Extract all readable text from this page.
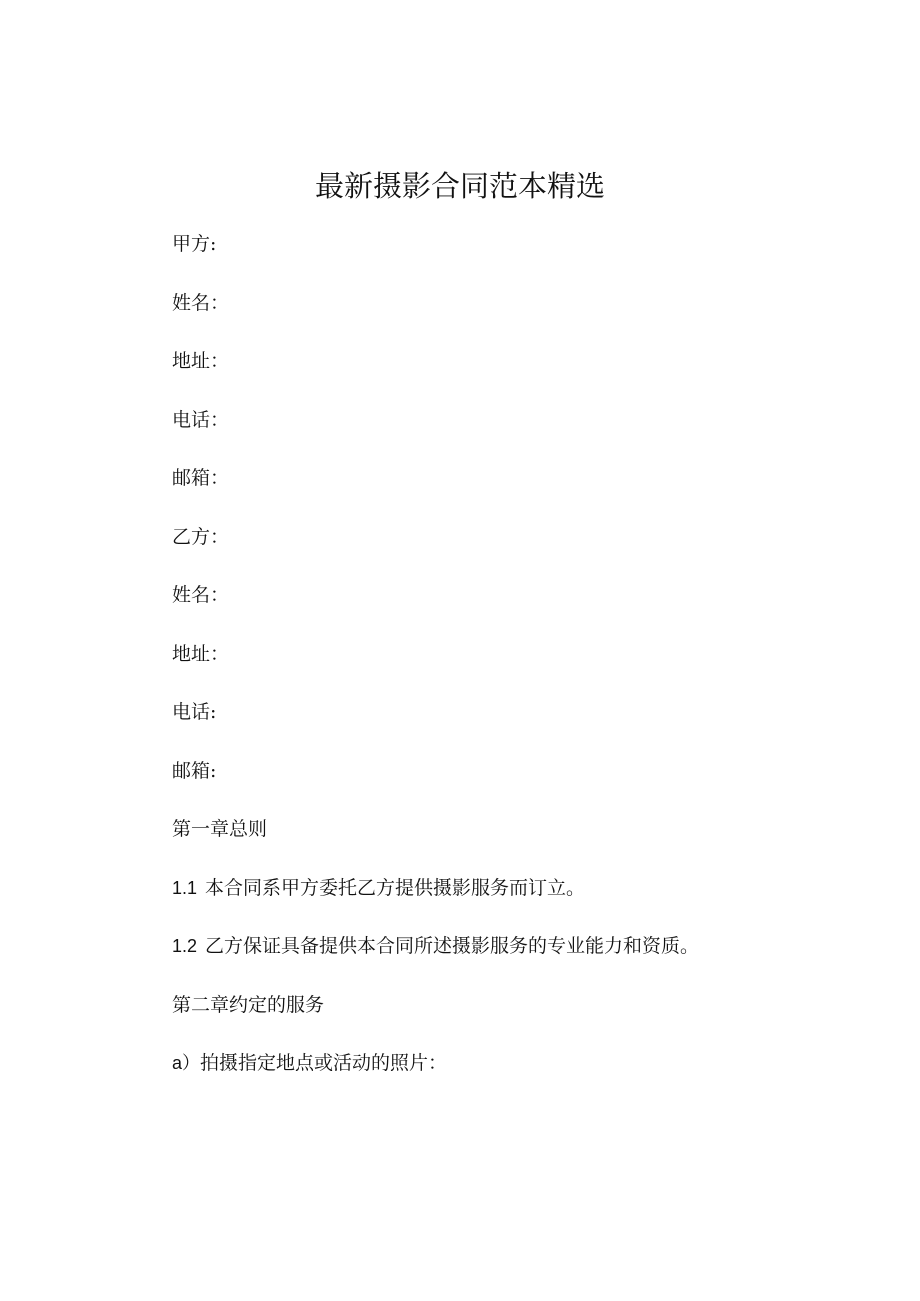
最新摄影合同范本精选

甲方:

姓名：

地址：

电话：

邮箱：

乙方：

姓名：

地址：

电话:

邮箱:

第一章总则

1.1 本合同系甲方委托乙方提供摄影服务而订立。

1.2 乙方保证具备提供本合同所述摄影服务的专业能力和资质。

第二章约定的服务

a）拍摄指定地点或活动的照片：
